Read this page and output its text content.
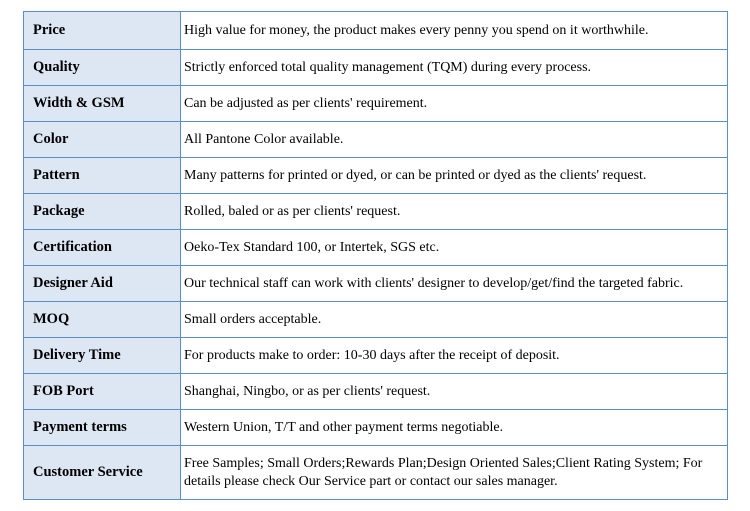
Price	High value for money, the product makes every penny you spend on it worthwhile.
Quality	Strictly enforced total quality management (TQM) during every process.
Width & GSM	Can be adjusted as per clients' requirement.
Color	All Pantone Color available.
Pattern	Many patterns for printed or dyed, or can be printed or dyed as the clients' request.
Package	Rolled, baled or as per clients' request.
Certification	Oeko-Tex Standard 100, or Intertek, SGS etc.
Designer Aid	Our technical staff can work with clients' designer to develop/get/find the targeted fabric.
MOQ	Small orders acceptable.
Delivery Time	For products make to order: 10-30 days after the receipt of deposit.
FOB Port	Shanghai, Ningbo, or as per clients' request.
Payment terms	Western Union, T/T and other payment terms negotiable.
Customer Service	Free Samples; Small Orders;Rewards Plan;Design Oriented Sales;Client Rating System; For details please check Our Service part or contact our sales manager.
